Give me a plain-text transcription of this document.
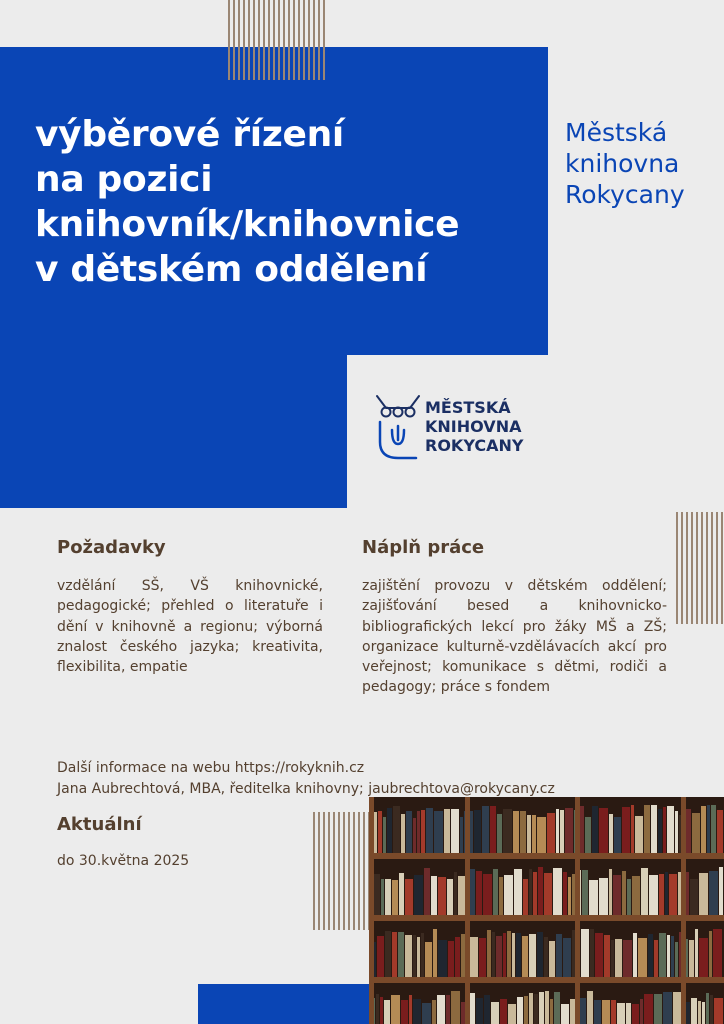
výběrové řízení
na pozici
knihovník/knihovnice
v dětském oddělení
Městská
knihovna
Rokycany
MĚSTSKÁ
KNIHOVNA
ROKYCANY
Požadavky

vzdělání SŠ, VŠ knihovnické, pedagogické; přehled o literatuře i dění v knihovně a regionu; výborná znalost českého jazyka; kreativita, flexibilita, empatie

Náplň práce

zajištění provozu v dětském oddělení; zajišťování besed a knihovnicko-bibliografických lekcí pro žáky MŠ a ZŠ; organizace kulturně-vzdělávacích akcí pro veřejnost; komunikace s dětmi, rodiči a pedagogy; práce s fondem

Další informace na webu https://rokyknih.cz
Jana Aubrechtová, MBA, ředitelka knihovny; jaubrechtova@rokycany.cz
Aktuální
do 30.května 2025
